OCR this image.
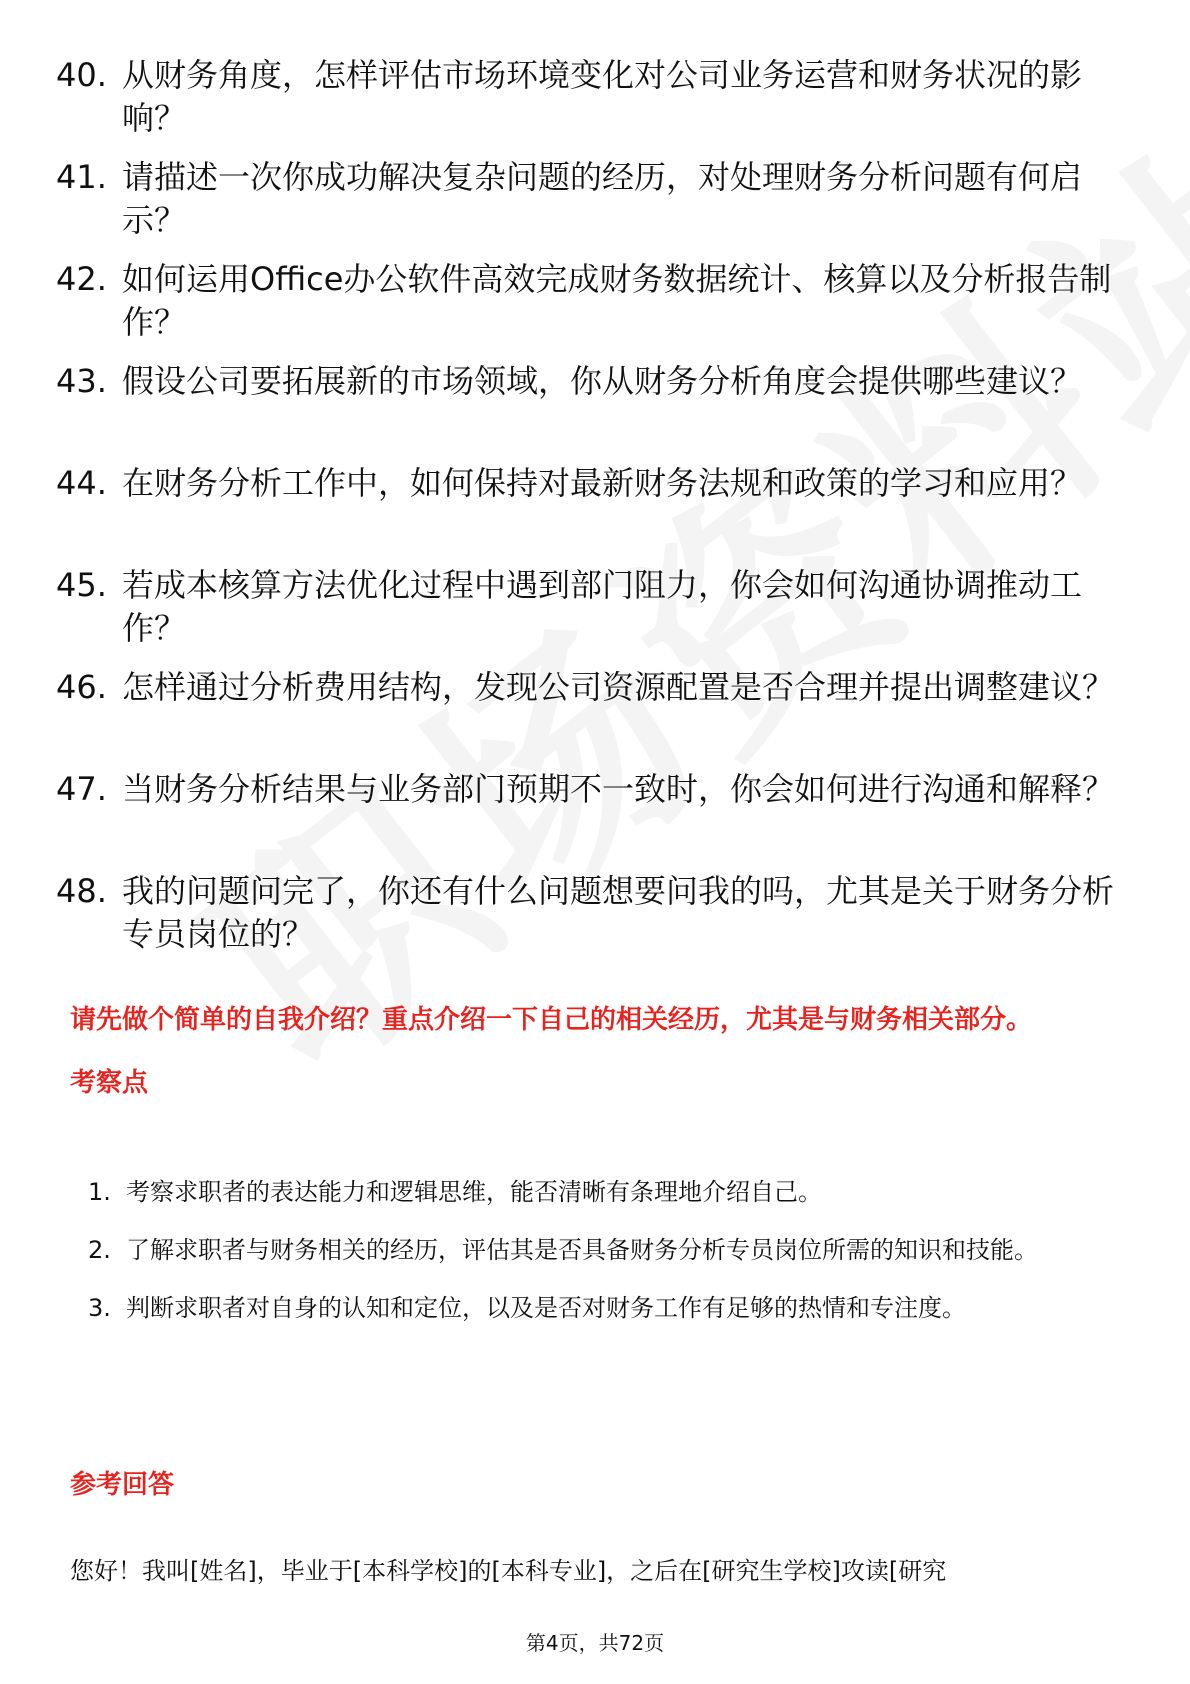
40. 从财务角度，怎样评估市场环境变化对公司业务运营和财务状况的影响？
41. 请描述一次你成功解决复杂问题的经历，对处理财务分析问题有何启示？
42. 如何运用Office办公软件高效完成财务数据统计、核算以及分析报告制作？
43. 假设公司要拓展新的市场领域，你从财务分析角度会提供哪些建议？
44. 在财务分析工作中，如何保持对最新财务法规和政策的学习和应用？
45. 若成本核算方法优化过程中遇到部门阻力，你会如何沟通协调推动工作？
46. 怎样通过分析费用结构，发现公司资源配置是否合理并提出调整建议？
47. 当财务分析结果与业务部门预期不一致时，你会如何进行沟通和解释？
48. 我的问题问完了，你还有什么问题想要问我的吗，尤其是关于财务分析专员岗位的？

请先做个简单的自我介绍？重点介绍一下自己的相关经历，尤其是与财务相关部分。

考察点
1. 考察求职者的表达能力和逻辑思维，能否清晰有条理地介绍自己。
2. 了解求职者与财务相关的经历，评估其是否具备财务分析专员岗位所需的知识和技能。
3. 判断求职者对自身的认知和定位，以及是否对财务工作有足够的热情和专注度。
参考回答

您好！我叫[姓名]，毕业于[本科学校]的[本科专业]，之后在[研究生学校]攻读[研究

第4页，共72页
